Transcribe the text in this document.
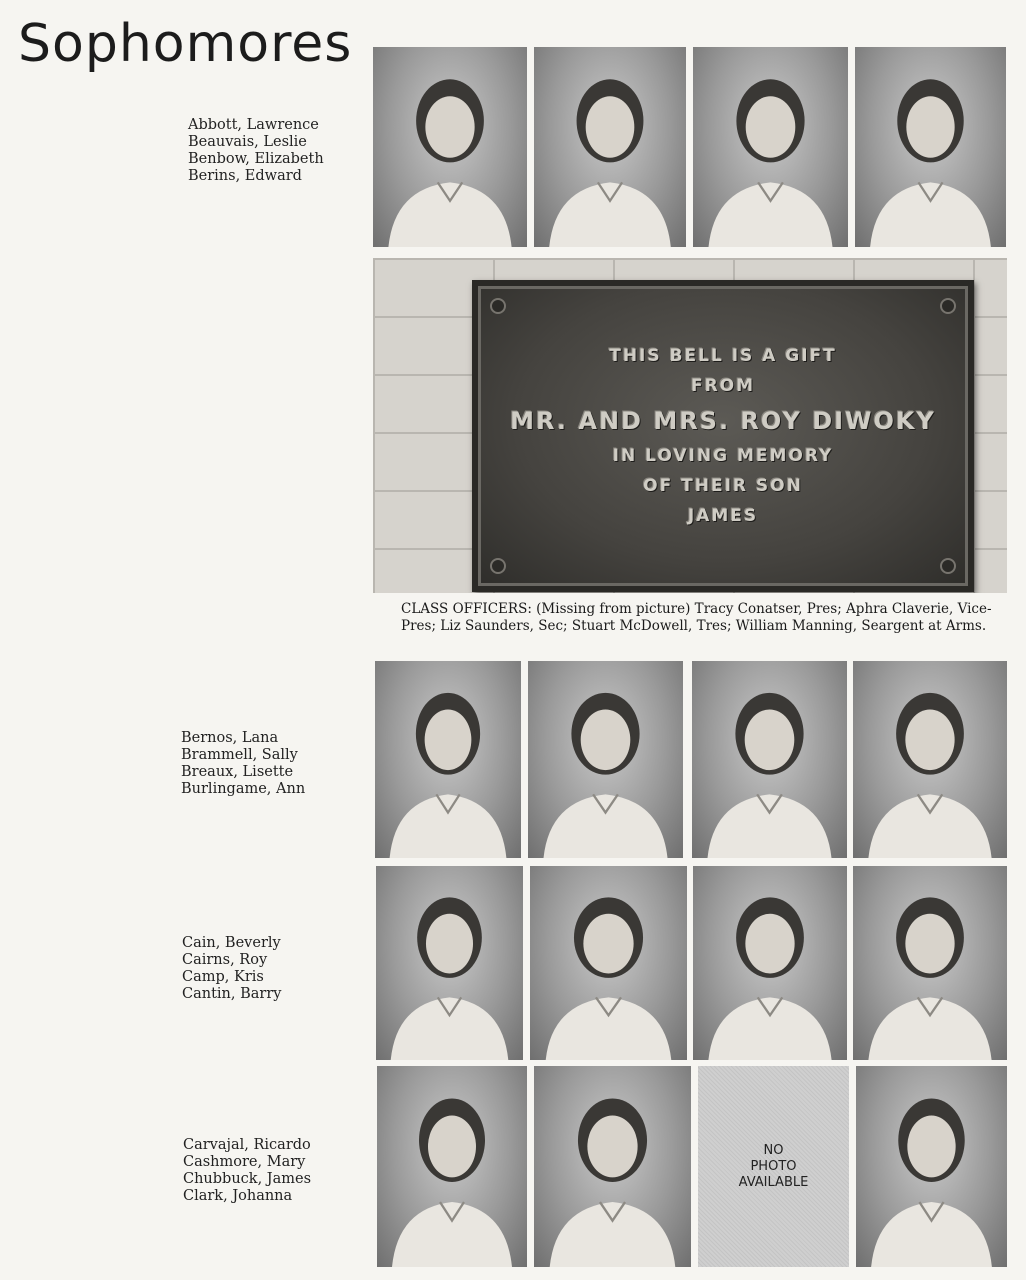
Sophomores
Abbott, Lawrence
Beauvais, Leslie
Benbow, Elizabeth
Berins, Edward
Bernos, Lana
Brammell, Sally
Breaux, Lisette
Burlingame, Ann
Cain, Beverly
Cairns, Roy
Camp, Kris
Cantin, Barry
Carvajal, Ricardo
Cashmore, Mary
Chubbuck, James
Clark, Johanna
NO
PHOTO
AVAILABLE
THIS BELL IS A GIFT
FROM
MR. AND MRS. ROY DIWOKY
IN LOVING MEMORY
OF THEIR SON
JAMES
CLASS OFFICERS: (Missing from picture) Tracy Conatser, Pres; Aphra Claverie, Vice-Pres; Liz Saunders, Sec; Stuart McDowell, Tres; William Manning, Seargent at Arms.
